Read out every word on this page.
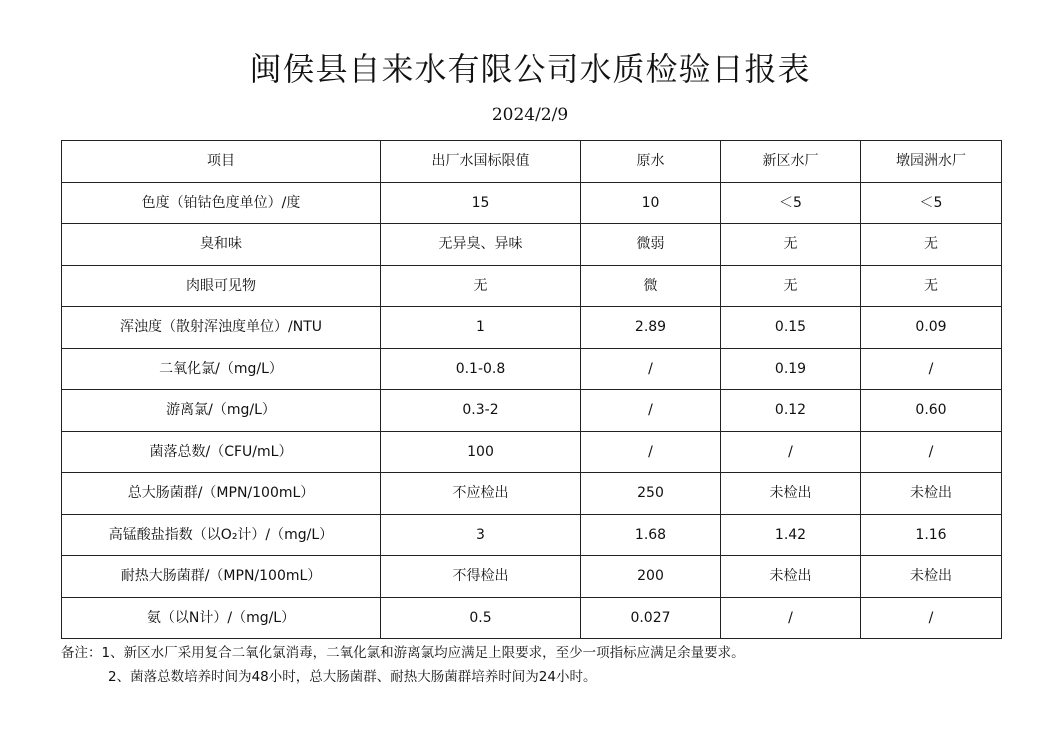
闽侯县自来水有限公司水质检验日报表
2024/2/9
项目	出厂水国标限值	原水	新区水厂	墩园洲水厂
色度（铂钴色度单位）/度	15	10	＜5	＜5
臭和味	无异臭、异味	微弱	无	无
肉眼可见物	无	微	无	无
浑浊度（散射浑浊度单位）/NTU	1	2.89	0.15	0.09
二氧化氯/（mg/L）	0.1-0.8	/	0.19	/
游离氯/（mg/L）	0.3-2	/	0.12	0.60
菌落总数/（CFU/mL）	100	/	/	/
总大肠菌群/（MPN/100mL）	不应检出	250	未检出	未检出
高锰酸盐指数（以O₂计）/（mg/L）	3	1.68	1.42	1.16
耐热大肠菌群/（MPN/100mL）	不得检出	200	未检出	未检出
氨（以N计）/（mg/L）	0.5	0.027	/	/
备注：1、新区水厂采用复合二氧化氯消毒，二氧化氯和游离氯均应满足上限要求，至少一项指标应满足余量要求。
2、菌落总数培养时间为48小时，总大肠菌群、耐热大肠菌群培养时间为24小时。
